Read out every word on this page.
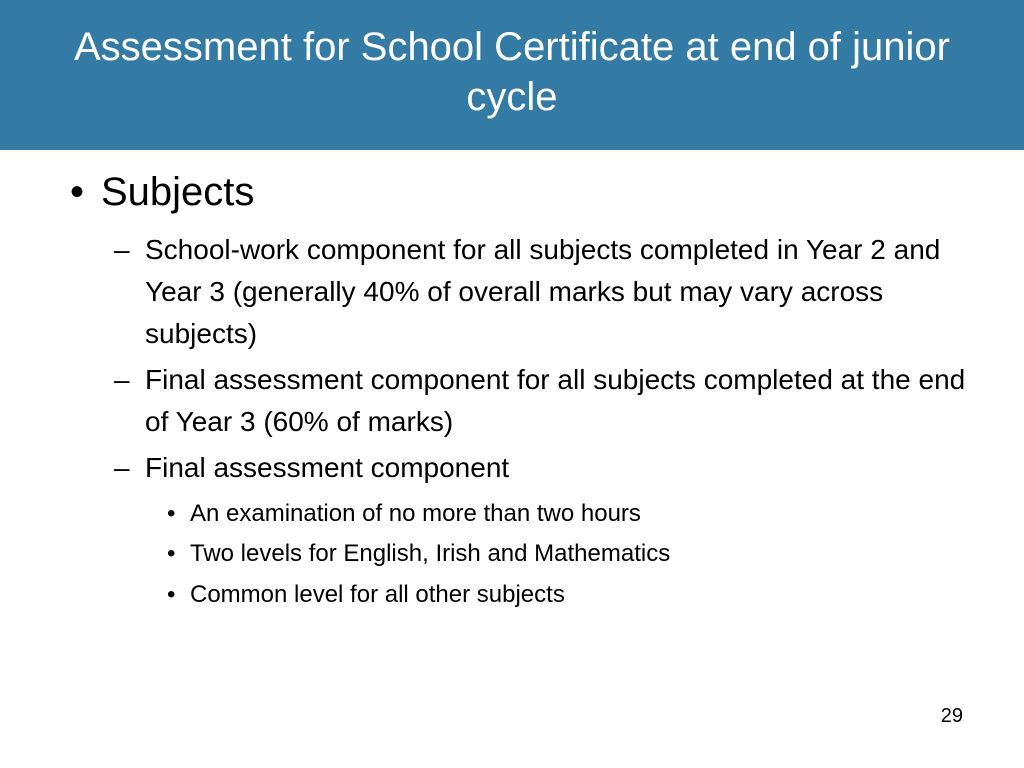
Assessment for School Certificate at end of junior cycle
• Subjects
– School-work component for all subjects completed in Year 2 and Year 3 (generally 40% of overall marks but may vary across subjects)
– Final assessment component for all subjects completed at the end of Year 3 (60% of marks)
– Final assessment component
• An examination of no more than two hours
• Two levels for English, Irish and Mathematics
• Common level for all other subjects
29
